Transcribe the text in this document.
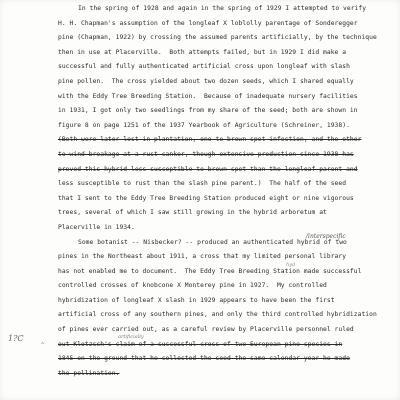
In the spring of 1928 and again in the spring of 1929 I attempted to verify
H. H. Chapman's assumption of the longleaf X loblolly parentage of Sonderegger
pine (Chapman, 1922) by crossing the assumed parents artificially, by the technique
then in use at Placerville.  Both attempts failed, but in 1929 I did make a
successful and fully authenticated artificial cross upon longleaf with slash
pine pollen.  The cross yielded about two dozen seeds, which I shared equally
with the Eddy Tree Breeding Station.  Because of inadequate nursery facilities
in 1931, I got only two seedlings from my share of the seed; both are shown in
figure 8 on page 1251 of the 1937 Yearbook of Agriculture (Schreiner, 1938).
(Both were later lost in plantation, one to brown-spot infection, and the other
to wind-breakage at a rust canker, though extensive production since 1938 has
proved this hybrid less susceptible to brown spot than the longleaf parent and
less susceptible to rust than the slash pine parent.)  The half of the seed
that I sent to the Eddy Tree Breeding Station produced eight or nine vigorous
trees, several of which I saw still growing in the hybrid arboretum at
Placerville in 1934.
Some botanist -- Nisbecker? -- produced an authenticated hybrid of two
pines in the Northeast about 1911, a cross that my limited personal library
has not enabled me to document.  The Eddy Tree Breeding Station made successful
controlled crosses of knobcone X Monterey pine in 1927.  My controlled
hybridization of longleaf X slash in 1929 appears to have been the first
artificial cross of any southern pines, and only the third controlled hybridization
of pines ever carried out, as a careful review by Placerville personnel ruled
out Klotzsch's claim of a successful cross of two European pine species in
1845 on the ground that he collected the seed the same calendar year he made
the pollination.
/interspecific
hyd
artificially
1?C
^
